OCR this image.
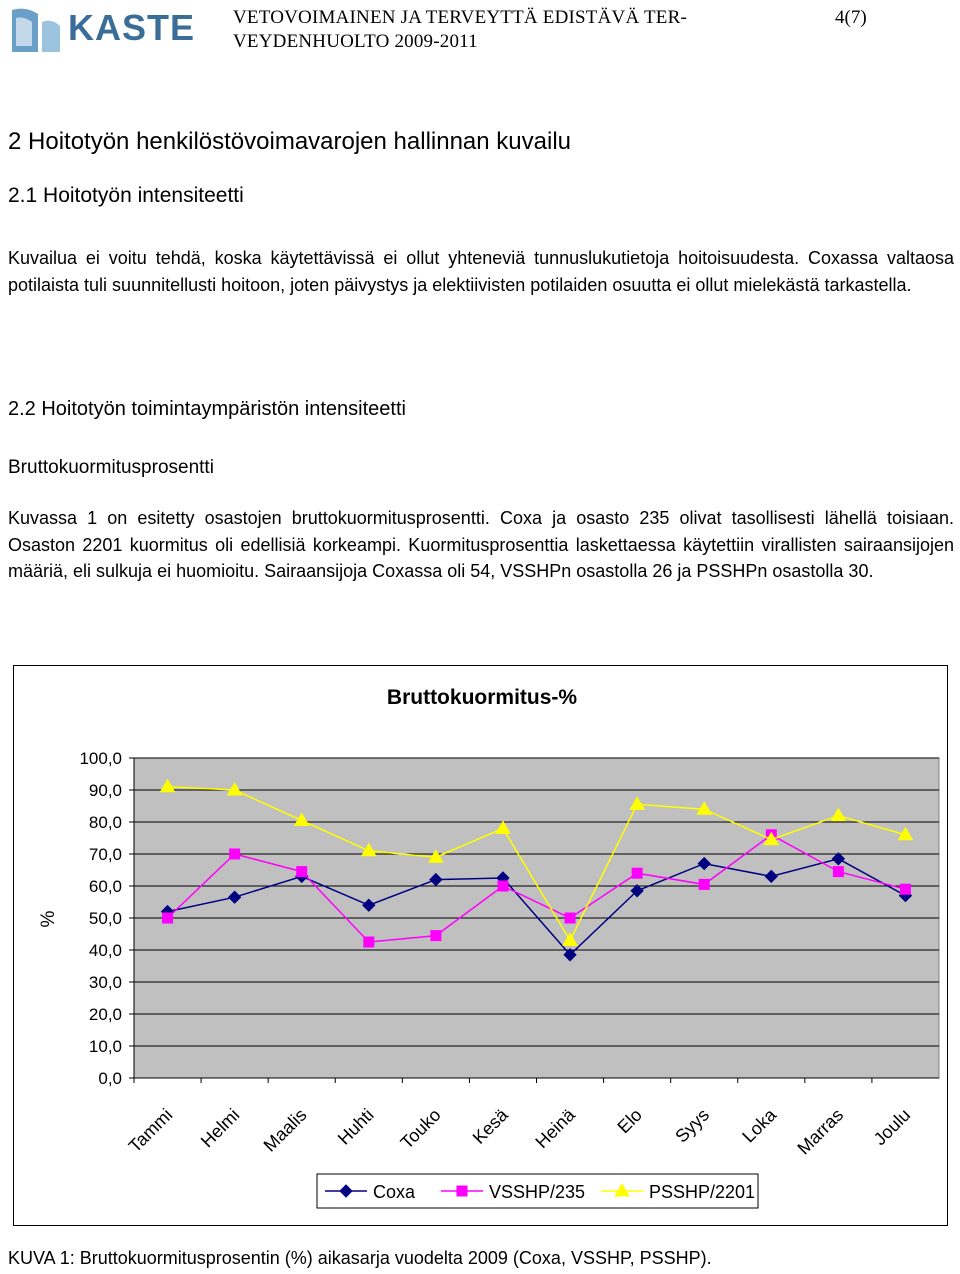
KASTE VETOVOIMAINEN JA TERVEYTTÄ EDISTÄVÄ TER-
VEYDENHUOLTO 2009-2011
4(7)
2 Hoitotyön henkilöstövoimavarojen hallinnan kuvailu
2.1 Hoitotyön intensiteetti
Kuvailua ei voitu tehdä, koska käytettävissä ei ollut yhteneviä tunnuslukutietoja hoitoisuudesta. Coxassa valtaosa potilaista tuli suunnitellusti hoitoon, joten päivystys ja elektiivisten potilaiden osuutta ei ollut mielekästä tarkastella.
2.2 Hoitotyön toimintaympäristön intensiteetti
Bruttokuormitusprosentti
Kuvassa 1 on esitetty osastojen bruttokuormitusprosentti. Coxa ja osasto 235 olivat tasollisesti lähellä toisiaan. Osaston 2201 kuormitus oli edellisiä korkeampi. Kuormitusprosenttia laskettaessa käytettiin virallisten sairaansijojen määriä, eli sulkuja ei huomioitu. Sairaansijoja Coxassa oli 54, VSSHPn osastolla 26 ja PSSHPn osastolla 30.
Bruttokuormitus-%
%
0,0
10,0
20,0
30,0
40,0
50,0
60,0
70,0
80,0
90,0
100,0
Tammi Helmi Maalis Huhti Touko Kesä Heinä Elo Syys Loka Marras Joulu
Coxa	VSSHP/235	PSSHP/2201
KUVA 1: Bruttokuormitusprosentin (%) aikasarja vuodelta 2009 (Coxa, VSSHP, PSSHP).
